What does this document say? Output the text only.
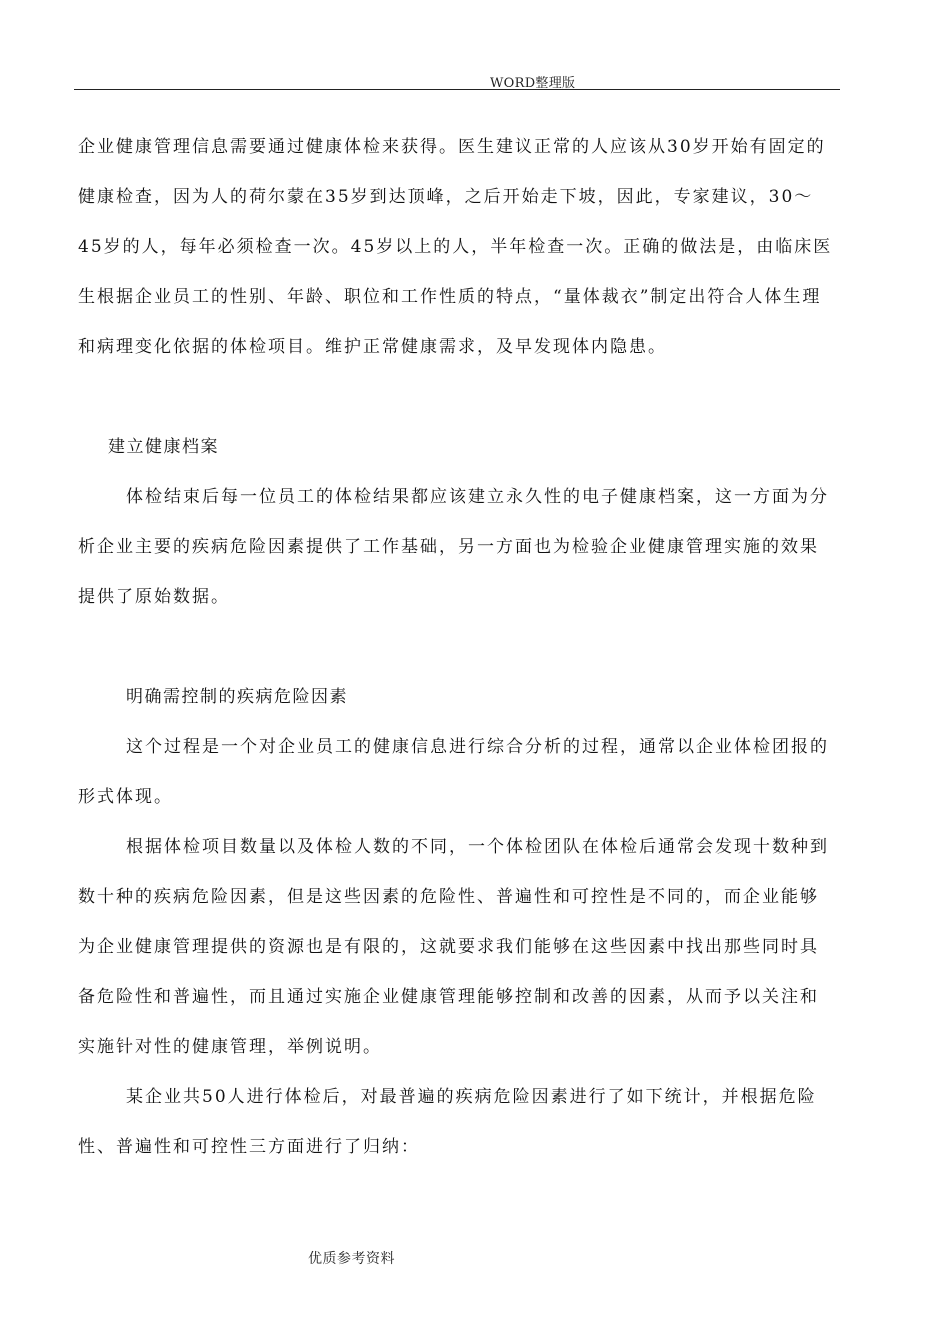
WORD整理版

企业健康管理信息需要通过健康体检来获得。医生建议正常的人应该从30岁开始有固定的健康检查，因为人的荷尔蒙在35岁到达顶峰，之后开始走下坡，因此，专家建议，30～45岁的人，每年必须检查一次。45岁以上的人，半年检查一次。正确的做法是，由临床医生根据企业员工的性别、年龄、职位和工作性质的特点，“量体裁衣”制定出符合人体生理和病理变化依据的体检项目。维护正常健康需求，及早发现体内隐患。

建立健康档案

体检结束后每一位员工的体检结果都应该建立永久性的电子健康档案，这一方面为分析企业主要的疾病危险因素提供了工作基础，另一方面也为检验企业健康管理实施的效果提供了原始数据。

明确需控制的疾病危险因素

这个过程是一个对企业员工的健康信息进行综合分析的过程，通常以企业体检团报的形式体现。

根据体检项目数量以及体检人数的不同，一个体检团队在体检后通常会发现十数种到数十种的疾病危险因素，但是这些因素的危险性、普遍性和可控性是不同的，而企业能够为企业健康管理提供的资源也是有限的，这就要求我们能够在这些因素中找出那些同时具备危险性和普遍性，而且通过实施企业健康管理能够控制和改善的因素，从而予以关注和实施针对性的健康管理，举例说明。

某企业共50人进行体检后，对最普遍的疾病危险因素进行了如下统计，并根据危险性、普遍性和可控性三方面进行了归纳：

优质参考资料
